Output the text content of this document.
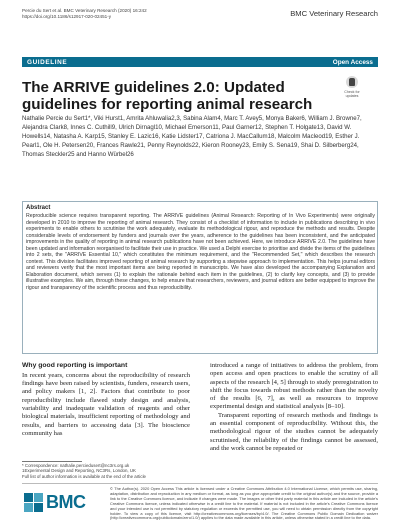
Percie du Sert et al. BMC Veterinary Research (2020) 16:242
https://doi.org/10.1186/s12917-020-02451-y	BMC Veterinary Research
GUIDELINE	Open Access
The ARRIVE guidelines 2.0: Updated guidelines for reporting animal research
Check for updates
Nathalie Percie du Sert1*, Viki Hurst1, Amrita Ahluwalia2,3, Sabina Alam4, Marc T. Avey5, Monya Baker6, William J. Browne7, Alejandra Clark8, Innes C. Cuthill9, Ulrich Dirnagl10, Michael Emerson11, Paul Garner12, Stephen T. Holgate13, David W. Howells14, Natasha A. Karp15, Stanley E. Lazic16, Katie Lidster17, Catriona J. MacCallum18, Malcolm Macleod19, Esther J. Pearl1, Ole H. Petersen20, Frances Rawle21, Penny Reynolds22, Kieron Rooney23, Emily S. Sena19, Shai D. Silberberg24, Thomas Steckler25 and Hanno Würbel26
Abstract
Reproducible science requires transparent reporting. The ARRIVE guidelines (Animal Research: Reporting of In Vivo Experiments) were originally developed in 2010 to improve the reporting of animal research. They consist of a checklist of information to include in publications describing in vivo experiments to enable others to scrutinise the work adequately, evaluate its methodological rigour, and reproduce the methods and results. Despite considerable levels of endorsement by funders and journals over the years, adherence to the guidelines has been inconsistent, and the anticipated improvements in the quality of reporting in animal research publications have not been achieved. Here, we introduce ARRIVE 2.0. The guidelines have been updated and information reorganised to facilitate their use in practice. We used a Delphi exercise to prioritise and divide the items of the guidelines into 2 sets, the "ARRIVE Essential 10," which constitutes the minimum requirement, and the "Recommended Set," which describes the research context. This division facilitates improved reporting of animal research by supporting a stepwise approach to implementation. This helps journal editors and reviewers verify that the most important items are being reported in manuscripts. We have also developed the accompanying Explanation and Elaboration document, which serves (1) to explain the rationale behind each item in the guidelines, (2) to clarify key concepts, and (3) to provide illustrative examples. We aim, through these changes, to help ensure that researchers, reviewers, and journal editors are better equipped to improve the rigour and transparency of the scientific process and thus reproducibility.
Why good reporting is important

In recent years, concerns about the reproducibility of research findings have been raised by scientists, funders, research users, and policy makers [1, 2]. Factors that contribute to poor reproducibility include flawed study design and analysis, variability and inadequate validation of reagents and other biological materials, insufficient reporting of methodology and results, and barriers to accessing data [3]. The bioscience community has

introduced a range of initiatives to address the problem, from open access and open practices to enable the scrutiny of all aspects of the research [4, 5] through to study preregistration to shift the focus towards robust methods rather than the novelty of the results [6, 7], as well as resources to improve experimental design and statistical analysis [8–10].

Transparent reporting of research methods and findings is an essential component of reproducibility. Without this, the methodological rigour of the studies cannot be adequately scrutinised, the reliability of the findings cannot be assessed, and the work cannot be repeated or

* Correspondence: nathalie.perciedusert@nc3rs.org.uk
1Experimental Design and Reporting, NC3Rs, London, UK
Full list of author information is available at the end of the article
BMC
© The Author(s). 2020 Open Access This article is licensed under a Creative Commons Attribution 4.0 International License, which permits use, sharing, adaptation, distribution and reproduction in any medium or format, as long as you give appropriate credit to the original author(s) and the source, provide a link to the Creative Commons licence, and indicate if changes were made. The images or other third party material in this article are included in the article's Creative Commons licence, unless indicated otherwise in a credit line to the material. If material is not included in the article's Creative Commons licence and your intended use is not permitted by statutory regulation or exceeds the permitted use, you will need to obtain permission directly from the copyright holder. To view a copy of this licence, visit http://creativecommons.org/licenses/by/4.0/. The Creative Commons Public Domain Dedication waiver (http://creativecommons.org/publicdomain/zero/1.0/) applies to the data made available in this article, unless otherwise stated in a credit line to the data.
